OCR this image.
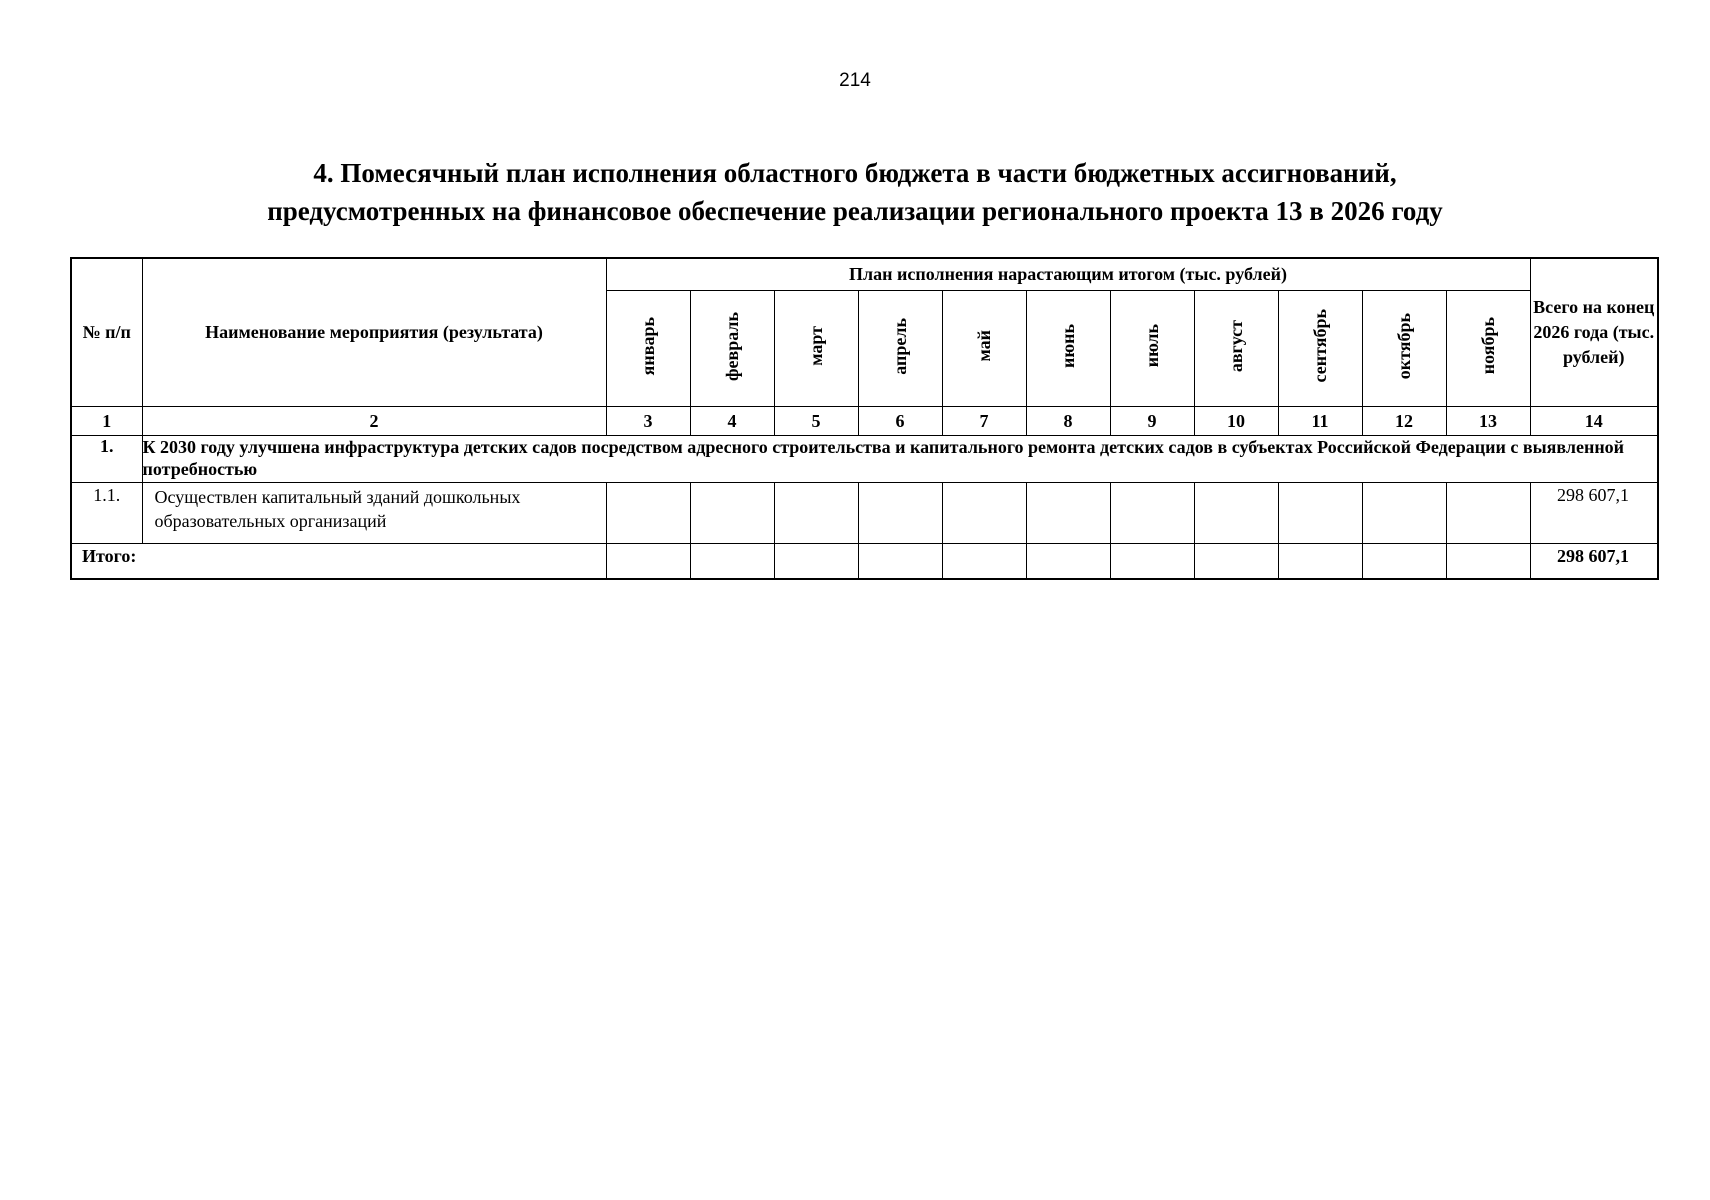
214
4. Помесячный план исполнения областного бюджета в части бюджетных ассигнований,
предусмотренных на финансовое обеспечение реализации регионального проекта 13 в 2026 году
№ п/п	Наименование мероприятия (результата)	План исполнения нарастающим итогом (тыс. рублей)											Всего на конец 2026 года (тыс. рублей)
		январь	февраль	март	апрель	май	июнь	июль	август	сентябрь	октябрь	ноябрь	
1	2	3	4	5	6	7	8	9	10	11	12	13	14
1.	К 2030 году улучшена инфраструктура детских садов посредством адресного строительства и капитального ремонта детских садов в субъектах Российской Федерации с выявленной потребностью												
1.1.	Осуществлен капитальный зданий дошкольных образовательных организаций												298 607,1
Итого:													298 607,1
